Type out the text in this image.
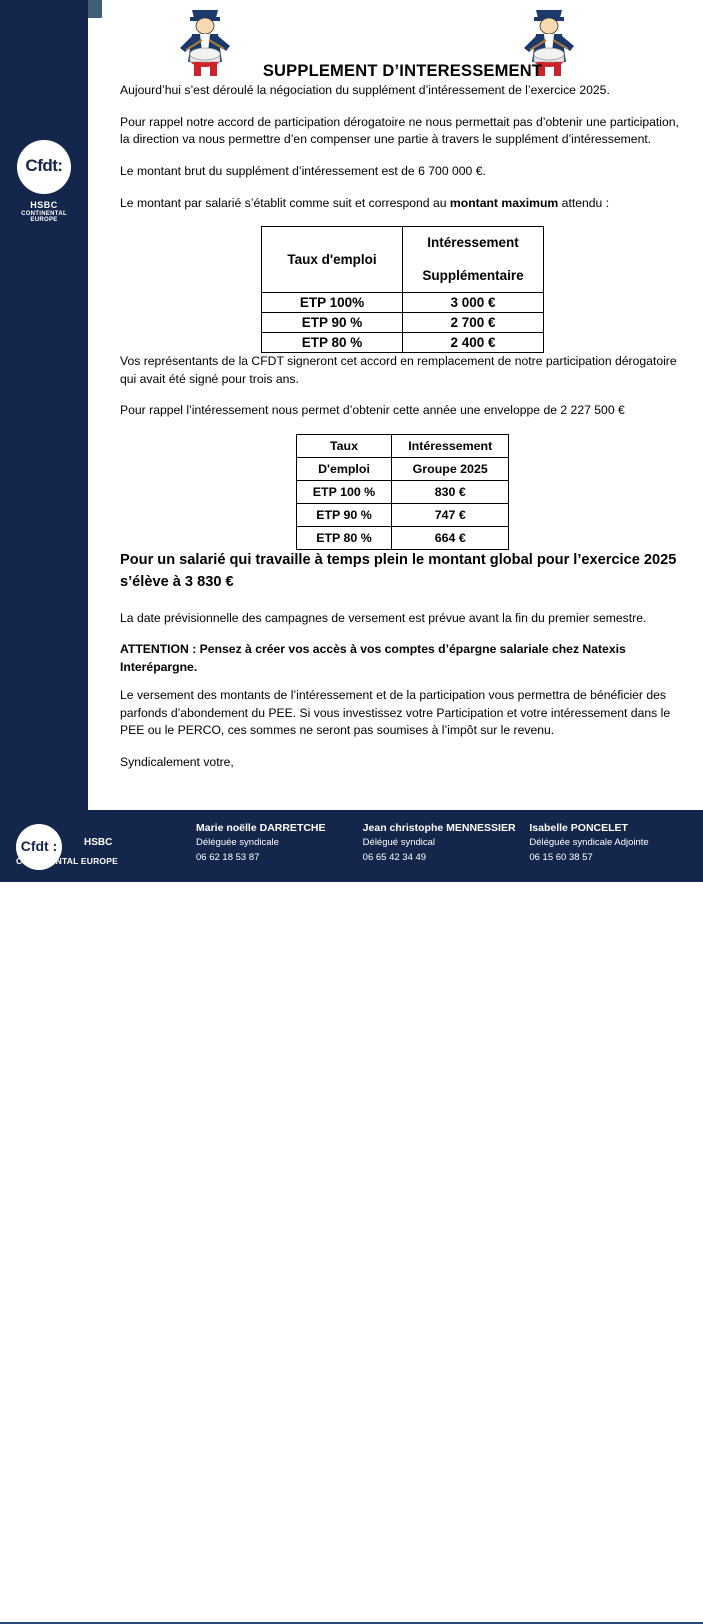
Cfdt:
HSBC
CONTINENTAL EUROPE
SUPPLEMENT D’INTERESSEMENT

Aujourd’hui s’est déroulé la négociation du supplément d’intéressement de l’exercice 2025.

Pour rappel notre accord de participation dérogatoire ne nous permettait pas d’obtenir une participation, la direction va nous permettre d’en compenser une partie à travers le supplément d’intéressement.

Le montant brut du supplément d’intéressement est de 6 700 000 €.

Le montant par salarié s’établit comme suit et correspond au montant maximum attendu :

Taux d'emploi	Intéressement
	Supplémentaire
ETP 100%	3 000 €
ETP 90 %	2 700 €
ETP 80 %	2 400 €

Vos représentants de la CFDT signeront cet accord en remplacement de notre participation dérogatoire qui avait été signé pour trois ans.

Pour rappel l’intéressement nous permet d’obtenir cette année une enveloppe de 2 227 500 €

Taux	Intéressement
D'emploi	Groupe 2025
ETP 100 %	830 €
ETP 90 %	747 €
ETP 80 %	664 €

Pour un salarié qui travaille à temps plein le montant global pour l’exercice 2025 s’élève à 3 830 €

La date prévisionnelle des campagnes de versement est prévue avant la fin du premier semestre.

ATTENTION : Pensez à créer vos accès à vos comptes d’épargne salariale chez Natexis Interépargne.

Le versement des montants de l’intéressement et de la participation vous permettra de bénéficier des parfonds d’abondement du PEE. Si vous investissez votre Participation et votre intéressement dans le PEE ou le PERCO, ces sommes ne seront pas soumises à l’impôt sur le revenu.

Syndicalement votre,

Cfdt :	HSBC
CONTINENTAL EUROPE
Marie noëlle DARRETCHE
Déléguée syndicale
06 62 18 53 87
Jean christophe MENNESSIER
Délégué syndical
06 65 42 34 49
Isabelle PONCELET
Déléguée syndicale Adjointe
06 15 60 38 57
